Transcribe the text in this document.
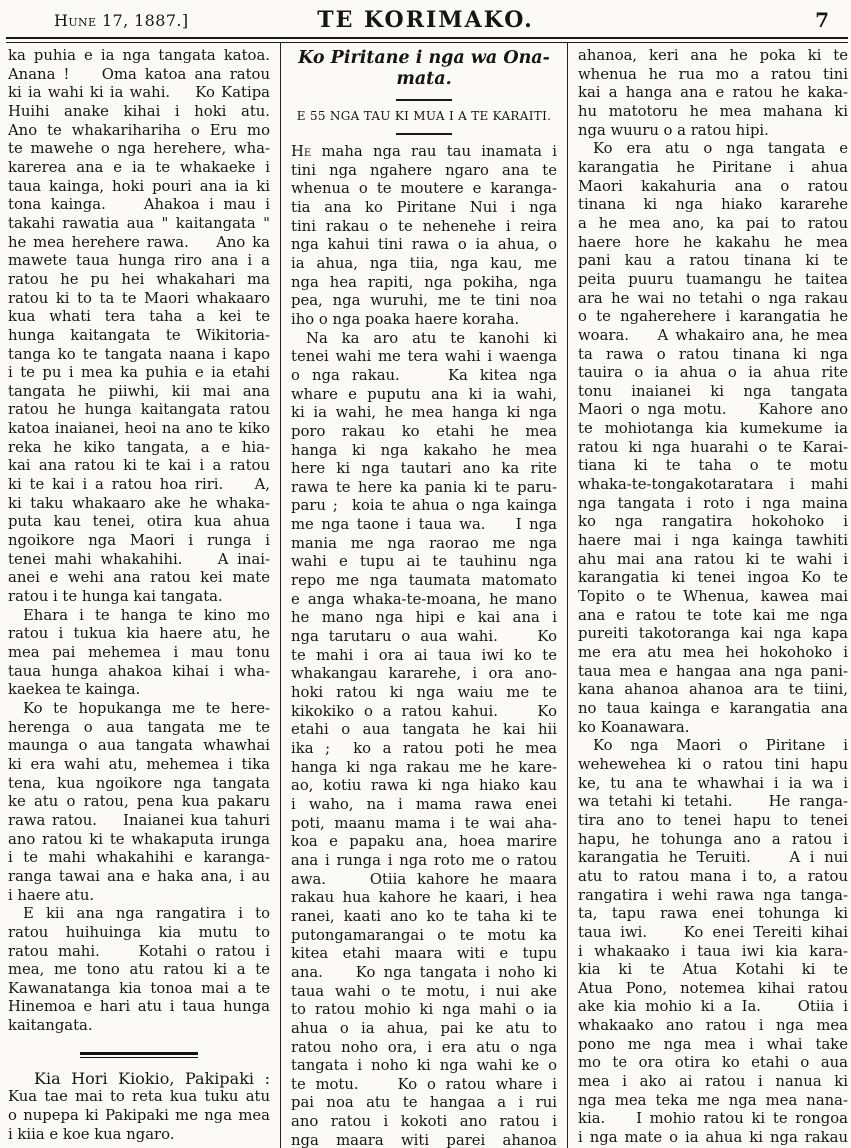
Hune 17, 1887.]	TE KORIMAKO.	7
ka puhia e ia nga tangata katoa.
Anana !    Oma katoa ana ratou
ki ia wahi ki ia wahi.    Ko Katipa
Huihi anake kihai i hoki atu.
Ano te whakarihariha o Eru mo
te mawehe o nga herehere, wha-
karerea ana e ia te whakaeke i
taua kainga, hoki pouri ana ia ki
tona kainga.    Ahakoa i mau i
takahi rawatia aua " kaitangata "
he mea herehere rawa.    Ano ka
mawete taua hunga riro ana i a
ratou he pu hei whakahari ma
ratou ki to ta te Maori whakaaro
kua whati tera taha a kei te
hunga kaitangata te Wikitoria-
tanga ko te tangata naana i kapo
i te pu i mea ka puhia e ia etahi
tangata he piiwhi, kii mai ana
ratou he hunga kaitangata ratou
katoa inaianei, heoi na ano te kiko
reka he kiko tangata, a e hia-
kai ana ratou ki te kai i a ratou
ki te kai i a ratou hoa riri.    A,
ki taku whakaaro ake he whaka-
puta kau tenei, otira kua ahua
ngoikore nga Maori i runga i
tenei mahi whakahihi.    A inai-
anei e wehi ana ratou kei mate
ratou i te hunga kai tangata.
Ehara i te hanga te kino mo
ratou i tukua kia haere atu, he
mea pai mehemea i mau tonu
taua hunga ahakoa kihai i wha-
kaekea te kainga.
Ko te hopukanga me te here-
herenga o aua tangata me te
maunga o aua tangata whawhai
ki era wahi atu, mehemea i tika
tena, kua ngoikore nga tangata
ke atu o ratou, pena kua pakaru
rawa ratou.    Inaianei kua tahuri
ano ratou ki te whakaputa irunga
i te mahi whakahihi e karanga-
ranga tawai ana e haka ana, i au
i haere atu.
E kii ana nga rangatira i to
ratou huihuinga kia mutu to
ratou mahi.    Kotahi o ratou i
mea, me tono atu ratou ki a te
Kawanatanga kia tonoa mai a te
Hinemoa e hari atu i taua hunga
kaitangata.
Kia Hori Kiokio, Pakipaki :
Kua tae mai to reta kua tuku atu
o nupepa ki Pakipaki me nga mea
i kiia e koe kua ngaro.
Ko Piritane i nga wa Ona-
mata.
E 55 NGA TAU KI MUA I A TE KARAITI.
He maha nga rau tau inamata i
tini nga ngahere ngaro ana te
whenua o te moutere e karanga-
tia ana ko Piritane Nui i nga
tini rakau o te nehenehe i reira
nga kahui tini rawa o ia ahua, o
ia ahua, nga tiia, nga kau, me
nga hea rapiti, nga pokiha, nga
pea, nga wuruhi, me te tini noa
iho o nga poaka haere koraha.
Na ka aro atu te kanohi ki
tenei wahi me tera wahi i waenga
o nga rakau.    Ka kitea nga
whare e puputu ana ki ia wahi,
ki ia wahi, he mea hanga ki nga
poro rakau ko etahi he mea
hanga ki nga kakaho he mea
here ki nga tautari ano ka rite
rawa te here ka pania ki te paru-
paru ;  koia te ahua o nga kainga
me nga taone i taua wa.    I nga
mania me nga raorao me nga
wahi e tupu ai te tauhinu nga
repo me nga taumata matomato
e anga whaka-te-moana, he mano
he mano nga hipi e kai ana i
nga tarutaru o aua wahi.    Ko
te mahi i ora ai taua iwi ko te
whakangau kararehe, i ora ano-
hoki ratou ki nga waiu me te
kikokiko o a ratou kahui.    Ko
etahi o aua tangata he kai hii
ika ;  ko a ratou poti he mea
hanga ki nga rakau me he kare-
ao, kotiu rawa ki nga hiako kau
i waho, na i mama rawa enei
poti, maanu mama i te wai aha-
koa e papaku ana, hoea marire
ana i runga i nga roto me o ratou
awa.    Otiia kahore he maara
rakau hua kahore he kaari, i hea
ranei, kaati ano ko te taha ki te
putongamarangai o te motu ka
kitea etahi maara witi e tupu
ana.    Ko nga tangata i noho ki
taua wahi o te motu, i nui ake
to ratou mohio ki nga mahi o ia
ahua o ia ahua, pai ke atu to
ratou noho ora, i era atu o nga
tangata i noho ki nga wahi ke o
te motu.    Ko o ratou whare i
pai noa atu te hangaa a i rui
ano ratou i kokoti ano ratou i
nga maara witi parei ahanoa
ahanoa, keri ana he poka ki te
whenua he rua mo a ratou tini
kai a hanga ana e ratou he kaka-
hu matotoru he mea mahana ki
nga wuuru o a ratou hipi.
Ko era atu o nga tangata e
karangatia he Piritane i ahua
Maori kakahuria ana o ratou
tinana ki nga hiako kararehe
a he mea ano, ka pai to ratou
haere hore he kakahu he mea
pani kau a ratou tinana ki te
peita puuru tuamangu he taitea
ara he wai no tetahi o nga rakau
o te ngaherehere i karangatia he
woara.    A whakairo ana, he mea
ta rawa o ratou tinana ki nga
tauira o ia ahua o ia ahua rite
tonu inaianei ki nga tangata
Maori o nga motu.    Kahore ano
te mohiotanga kia kumekume ia
ratou ki nga huarahi o te Karai-
tiana ki te taha o te motu
whaka-te-tongakotaratara i mahi
nga tangata i roto i nga maina
ko nga rangatira hokohoko i
haere mai i nga kainga tawhiti
ahu mai ana ratou ki te wahi i
karangatia ki tenei ingoa Ko te
Topito o te Whenua, kawea mai
ana e ratou te tote kai me nga
pureiti takotoranga kai nga kapa
me era atu mea hei hokohoko i
taua mea e hangaa ana nga pani-
kana ahanoa ahanoa ara te tiini,
no taua kainga e karangatia ana
ko Koanawara.
Ko nga Maori o Piritane i
wehewehea ki o ratou tini hapu
ke, tu ana te whawhai i ia wa i
wa tetahi ki tetahi.    He ranga-
tira ano to tenei hapu to tenei
hapu, he tohunga ano a ratou i
karangatia he Teruiti.    A i nui
atu to ratou mana i to, a ratou
rangatira i wehi rawa nga tanga-
ta, tapu rawa enei tohunga ki
taua iwi.    Ko enei Tereiti kihai
i whakaako i taua iwi kia kara-
kia ki te Atua Kotahi ki te
Atua Pono, notemea kihai ratou
ake kia mohio ki a Ia.    Otiia i
whakaako ano ratou i nga mea
pono me nga mea i whai take
mo te ora otira ko etahi o aua
mea i ako ai ratou i nanua ki
nga mea teka me nga mea nana-
kia.    I mohio ratou ki te rongoa
i nga mate o ia ahua ki nga rakau
